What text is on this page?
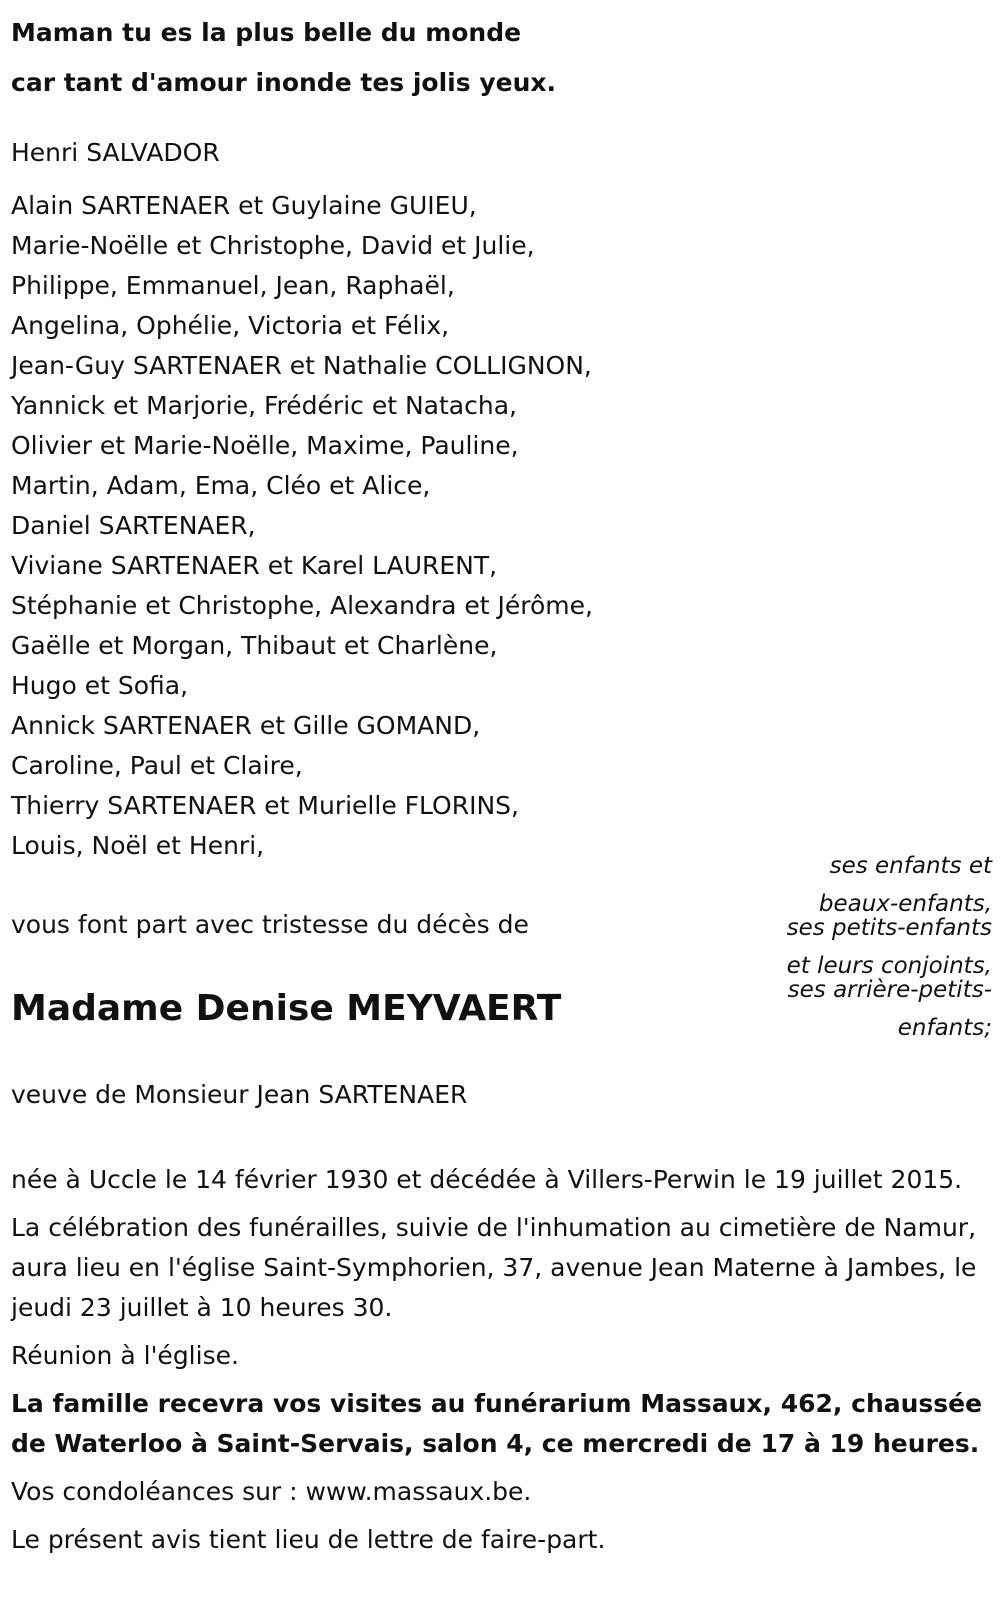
Maman tu es la plus belle du monde
car tant d'amour inonde tes jolis yeux.
Henri SALVADOR
Alain SARTENAER et Guylaine GUIEU,
Marie-Noëlle et Christophe, David et Julie,
Philippe, Emmanuel, Jean, Raphaël,
Angelina, Ophélie, Victoria et Félix,
Jean-Guy SARTENAER et Nathalie COLLIGNON,
Yannick et Marjorie, Frédéric et Natacha,
Olivier et Marie-Noëlle, Maxime, Pauline,
Martin, Adam, Ema, Cléo et Alice,
Daniel SARTENAER,
Viviane SARTENAER et Karel LAURENT,
Stéphanie et Christophe, Alexandra et Jérôme,
Gaëlle et Morgan, Thibaut et Charlène,
Hugo et Sofia,
Annick SARTENAER et Gille GOMAND,
Caroline, Paul et Claire,
Thierry SARTENAER et Murielle FLORINS,
Louis, Noël et Henri,
ses enfants et
beaux-enfants,
ses petits-enfants
et leurs conjoints,
ses arrière-petits-
enfants;
vous font part avec tristesse du décès de
Madame Denise MEYVAERT
veuve de Monsieur Jean SARTENAER

née à Uccle le 14 février 1930 et décédée à Villers-Perwin le 19 juillet 2015.

La célébration des funérailles, suivie de l'inhumation au cimetière de Namur, aura lieu en l'église Saint-Symphorien, 37, avenue Jean Materne à Jambes, le jeudi 23 juillet à 10 heures 30.

Réunion à l'église.

La famille recevra vos visites au funérarium Massaux, 462, chaussée de Waterloo à Saint-Servais, salon 4, ce mercredi de 17 à 19 heures.

Vos condoléances sur : www.massaux.be.

Le présent avis tient lieu de lettre de faire-part.
